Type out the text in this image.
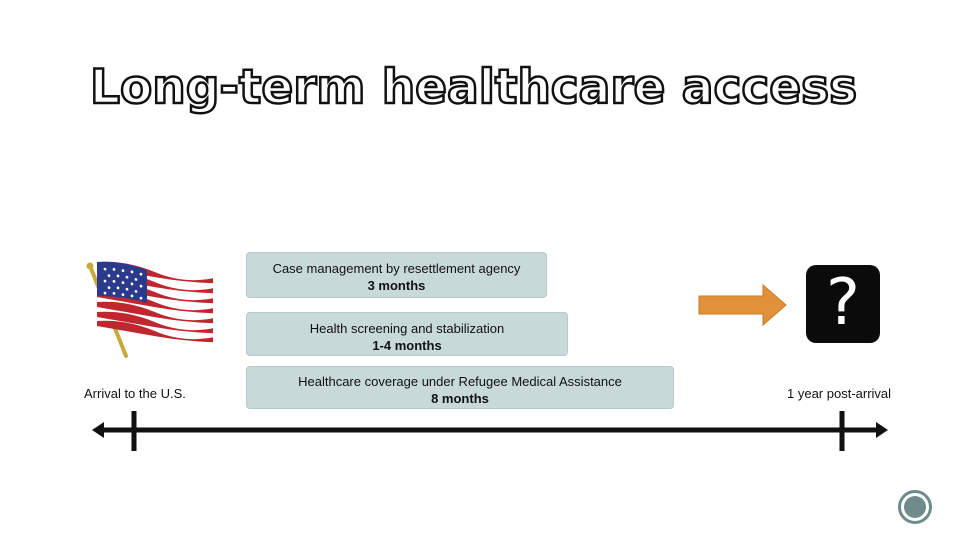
Long-term healthcare access
Case management by resettlement agency
3 months
Health screening and stabilization
1-4 months
Healthcare coverage under Refugee Medical Assistance
8 months
Arrival to the U.S.	1 year post-arrival
?
